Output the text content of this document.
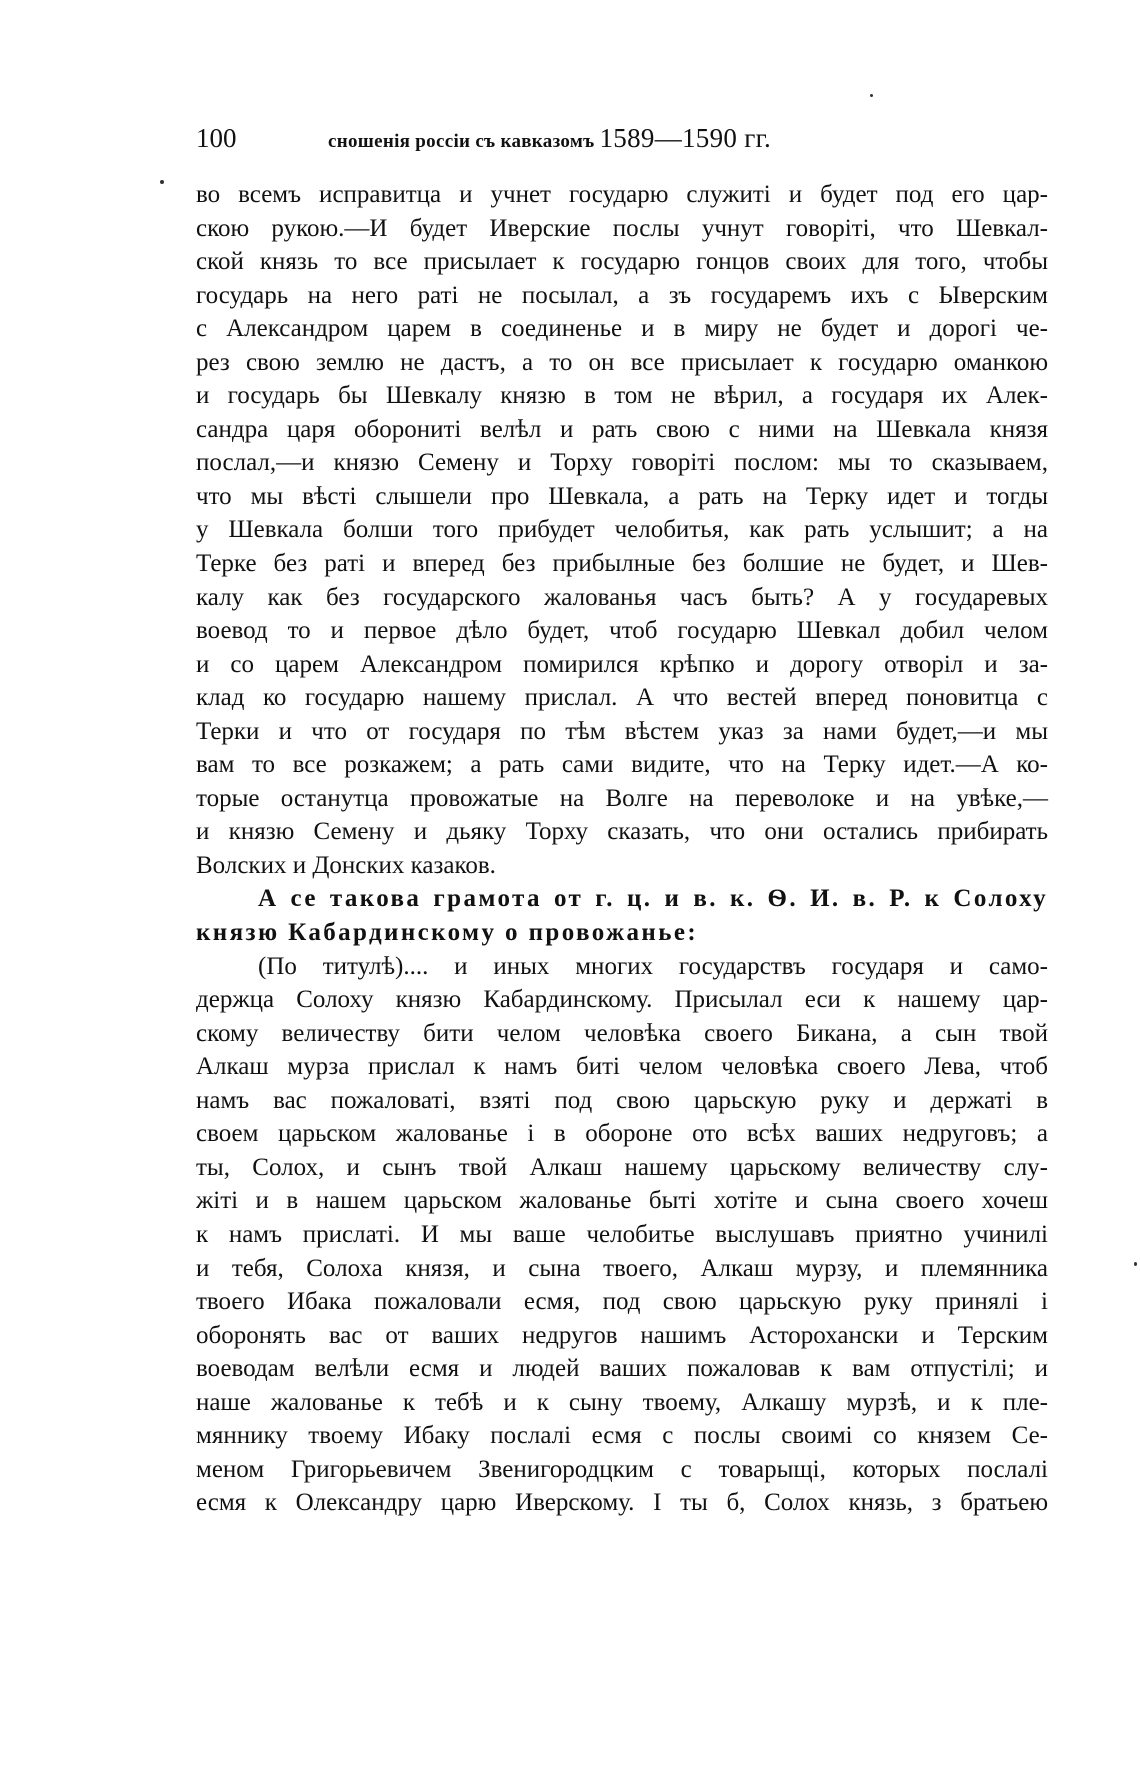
100	сношенія россіи съ кавказомъ 1589—1590 гг.
во всемъ исправитца и учнет государю служиті и будет под его цар-
скою рукою.—И будет Иверские послы учнут говоріті, что Шевкал-
ской князь то все присылает к государю гонцов своих для того, чтобы
государь на него раті не посылал, а зъ государемъ ихъ с Ыверским
с Александром царем в соединенье и в миру не будет и дорогі че-
рез свою землю не дастъ, а то он все присылает к государю оманкою
и государь бы Шевкалу князю в том не вѣрил, а государя их Алек-
сандра царя оборониті велѣл и рать свою с ними на Шевкала князя
послал,—и князю Семену и Торху говоріті послом: мы то сказываем,
что мы вѣсті слышели про Шевкала, а рать на Терку идет и тогды
у Шевкала болши того прибудет челобитья, как рать услышит; а на
Терке без раті и вперед без прибылные без болшие не будет, и Шев-
калу как без государского жалованья часъ быть? А у государевых
воевод то и первое дѣло будет, чтоб государю Шевкал добил челом
и со царем Александром помирился крѣпко и дорогу отворіл и за-
клад ко государю нашему прислал. А что вестей вперед поновитца с
Терки и что от государя по тѣм вѣстем указ за нами будет,—и мы
вам то все розкажем; а рать сами видите, что на Терку идет.—А ко-
торые останутца провожатые на Волге на переволоке и на увѣке,—
и князю Семену и дьяку Торху сказать, что они остались прибирать
Волских и Донских казаков.
А се такова грамота от г. ц. и в. к. Ѳ. И. в. Р. к Солоху
князю Кабардинскому о провожанье:
(По титулѣ).... и иных многих государствъ государя и само-
держца Солоху князю Кабардинскому. Присылал еси к нашему цар-
скому величеству бити челом человѣка своего Бикана, а сын твой
Алкаш мурза прислал к намъ биті челом человѣка своего Лева, чтоб
намъ вас пожаловаті, взяті под свою царьскую руку и держаті в
своем царьском жалованье і в обороне ото всѣх ваших недруговъ; а
ты, Солох, и сынъ твой Алкаш нашему царьскому величеству слу-
жіті и в нашем царьском жалованье быті хотіте и сына своего хочеш
к намъ прислаті. И мы ваше челобитье выслушавъ приятно учинилі
и тебя, Солоха князя, и сына твоего, Алкаш мурзу, и племянника
твоего Ибака пожаловали есмя, под свою царьскую руку принялі і
оборонять вас от ваших недругов нашимъ Асторохански и Терским
воеводам велѣли есмя и людей ваших пожаловав к вам отпустілі; и
наше жалованье к тебѣ и к сыну твоему, Алкашу мурзѣ, и к пле-
мяннику твоему Ибаку послалі есмя с послы своимі со князем Се-
меном Григорьевичем Звенигородцким с товарыщі, которых послалі
есмя к Олександру царю Иверскому. І ты б, Солох князь, з братьею
